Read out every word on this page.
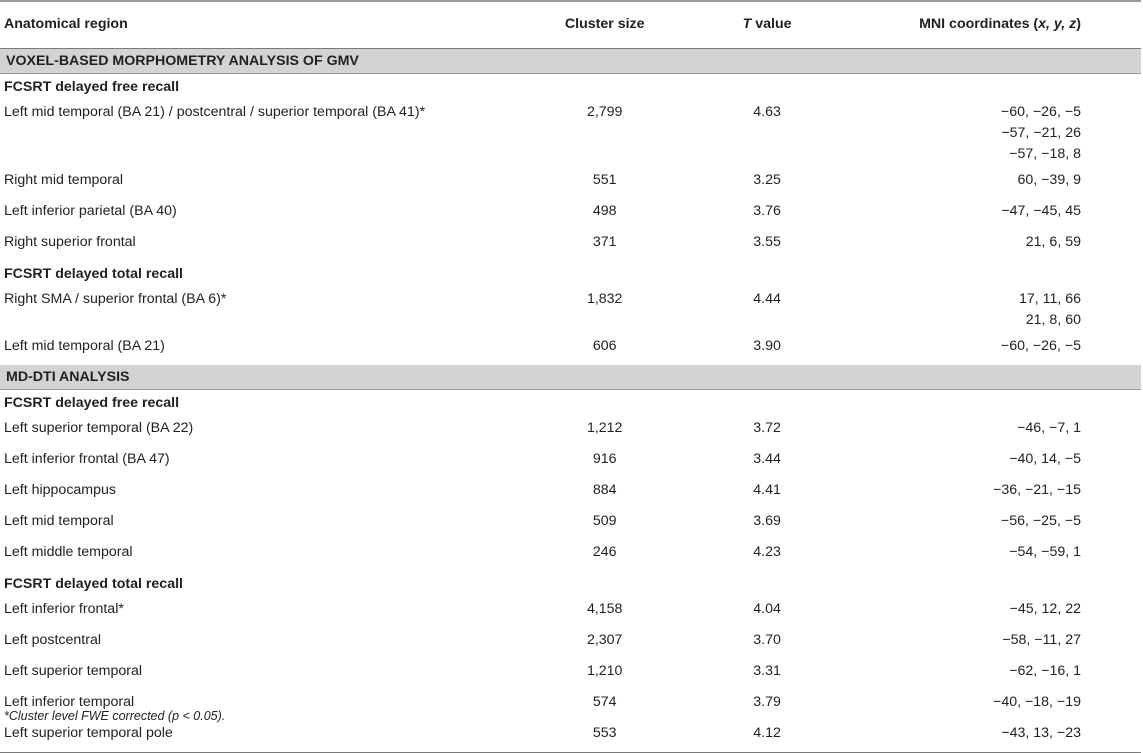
Anatomical region	Cluster size	T value	MNI coordinates (x, y, z)
VOXEL-BASED MORPHOMETRY ANALYSIS OF GMV			
FCSRT delayed free recall			
Left mid temporal (BA 21) / postcentral / superior temporal (BA 41)*	2,799	4.63	−60, −26, −5
−57, −21, 26
−57, −18, 8

Right mid temporal	551	3.25	60, −39, 9

Left inferior parietal (BA 40)	498	3.76	−47, −45, 45

Right superior frontal	371	3.55	21, 6, 59

FCSRT delayed total recall			
Right SMA / superior frontal (BA 6)*	1,832	4.44	17, 11, 66
21, 8, 60

Left mid temporal (BA 21)	606	3.90	−60, −26, −5

MD-DTI ANALYSIS			
FCSRT delayed free recall			
Left superior temporal (BA 22)	1,212	3.72	−46, −7, 1

Left inferior frontal (BA 47)	916	3.44	−40, 14, −5

Left hippocampus	884	4.41	−36, −21, −15

Left mid temporal	509	3.69	−56, −25, −5

Left middle temporal	246	4.23	−54, −59, 1

FCSRT delayed total recall			
Left inferior frontal*	4,158	4.04	−45, 12, 22

Left postcentral	2,307	3.70	−58, −11, 27

Left superior temporal	1,210	3.31	−62, −16, 1

Left inferior temporal	574	3.79	−40, −18, −19

Left superior temporal pole	553	4.12	−43, 13, −23
*Cluster level FWE corrected (p < 0.05).
